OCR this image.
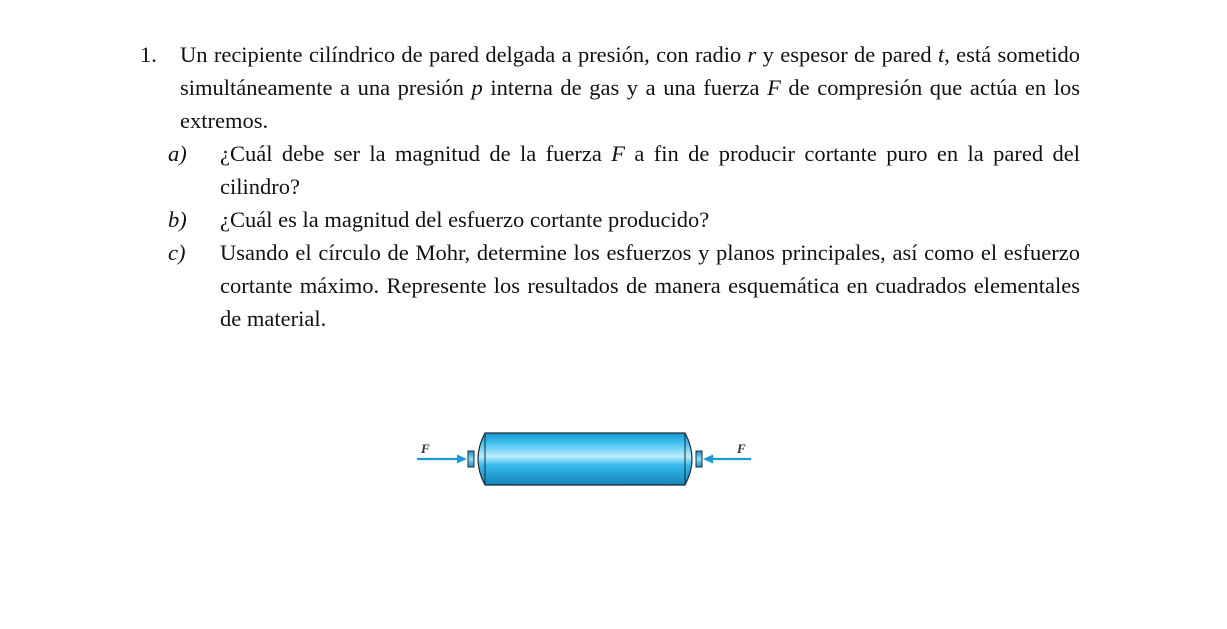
1.	Un recipiente cilíndrico de pared delgada a presión, con radio r y espesor de pared t, está sometido simultáneamente a una presión p interna de gas y a una fuerza F de compresión que actúa en los extremos.
a)	¿Cuál debe ser la magnitud de la fuerza F a fin de producir cortante puro en la pared del cilindro?
b)	¿Cuál es la magnitud del esfuerzo cortante producido?
c)	Usando el círculo de Mohr, determine los esfuerzos y planos principales, así como el esfuerzo cortante máximo. Represente los resultados de manera esquemática en cuadrados elementales de material.
F	F
